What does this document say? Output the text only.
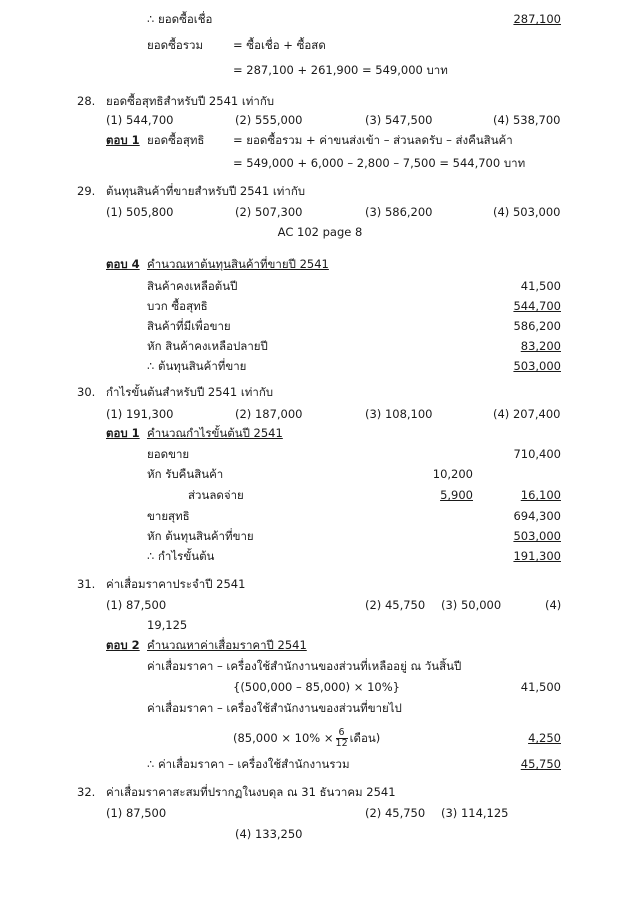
∴ ยอดซื้อเชื่อ	287,100
ยอดซื้อรวม	= ซื้อเชื่อ + ซื้อสด
= 287,100 + 261,900 = 549,000 บาท
28. ยอดซื้อสุทธิสำหรับปี 2541 เท่ากับ
(1) 544,700	(2) 555,000	(3) 547,500	(4) 538,700
ตอบ 1 ยอดซื้อสุทธิ = ยอดซื้อรวม + ค่าขนส่งเข้า – ส่วนลดรับ – ส่งคืนสินค้า
= 549,000 + 6,000 – 2,800 – 7,500 = 544,700 บาท
29. ต้นทุนสินค้าที่ขายสำหรับปี 2541 เท่ากับ
(1) 505,800	(2) 507,300	(3) 586,200	(4) 503,000
AC 102 page 8
ตอบ 4 คำนวณหาต้นทุนสินค้าที่ขายปี 2541
สินค้าคงเหลือต้นปี	41,500
บวก ซื้อสุทธิ	544,700
สินค้าที่มีเพื่อขาย	586,200
หัก สินค้าคงเหลือปลายปี	83,200
∴ ต้นทุนสินค้าที่ขาย	503,000
30. กำไรขั้นต้นสำหรับปี 2541 เท่ากับ
(1) 191,300	(2) 187,000	(3) 108,100	(4) 207,400
ตอบ 1 คำนวณกำไรขั้นต้นปี 2541
ยอดขาย	710,400
หัก รับคืนสินค้า	10,200
ส่วนลดจ่าย	5,900	16,100
ขายสุทธิ	694,300
หัก ต้นทุนสินค้าที่ขาย	503,000
∴ กำไรขั้นต้น	191,300
31. ค่าเสื่อมราคาประจำปี 2541
(1) 87,500	(2) 45,750 (3) 50,000	(4)
19,125
ตอบ 2 คำนวณหาค่าเสื่อมราคาปี 2541
ค่าเสื่อมราคา – เครื่องใช้สำนักงานของส่วนที่เหลืออยู่ ณ วันสิ้นปี
{(500,000 – 85,000) × 10%}	41,500
ค่าเสื่อมราคา – เครื่องใช้สำนักงานของส่วนที่ขายไป
($85,000 \times 10\% \times \frac{6}{12}$ เดือน)	4,250
∴ ค่าเสื่อมราคา – เครื่องใช้สำนักงานรวม	45,750
32. ค่าเสื่อมราคาสะสมที่ปรากฏในงบดุล ณ 31 ธันวาคม 2541
(1) 87,500	(2) 45,750 (3) 114,125
(4) 133,250
